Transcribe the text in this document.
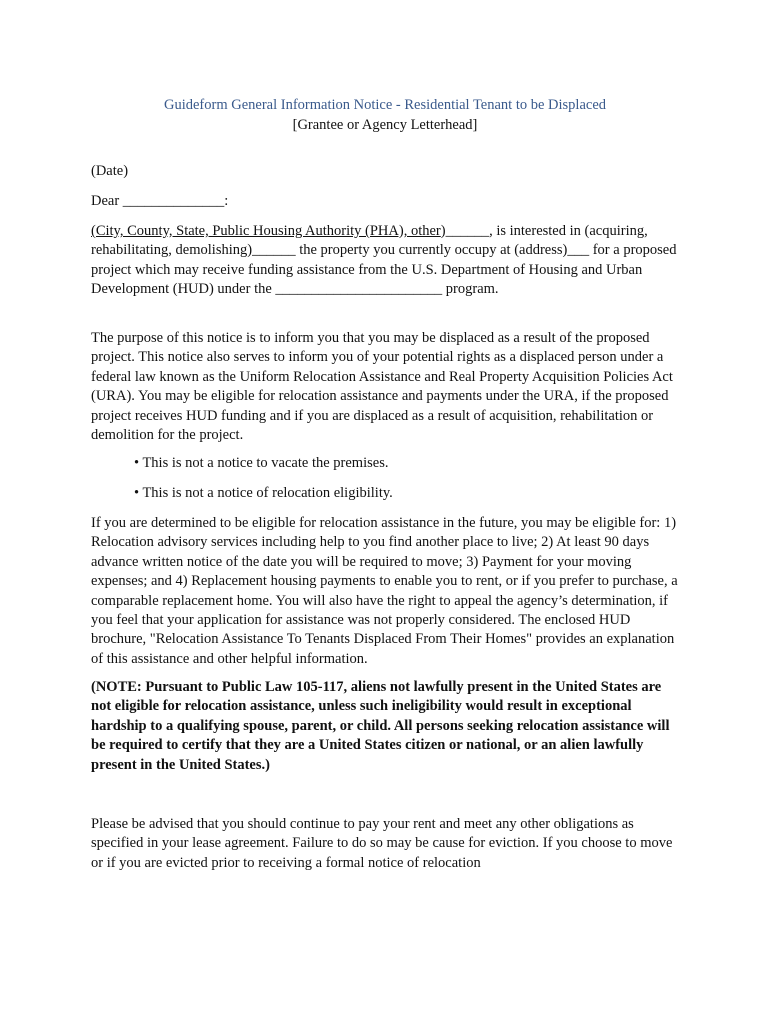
Guideform General Information Notice - Residential Tenant to be Displaced

[Grantee or Agency Letterhead]

(Date)

Dear ______________:

(City, County, State, Public Housing Authority (PHA), other)______, is interested in (acquiring, rehabilitating, demolishing)______ the property you currently occupy at (address)___ for a proposed project which may receive funding assistance from the U.S. Department of Housing and Urban Development (HUD) under the _______________________ program.

The purpose of this notice is to inform you that you may be displaced as a result of the proposed project. This notice also serves to inform you of your potential rights as a displaced person under a federal law known as the Uniform Relocation Assistance and Real Property Acquisition Policies Act (URA). You may be eligible for relocation assistance and payments under the URA, if the proposed project receives HUD funding and if you are displaced as a result of acquisition, rehabilitation or demolition for the project.

• This is not a notice to vacate the premises.

• This is not a notice of relocation eligibility.

If you are determined to be eligible for relocation assistance in the future, you may be eligible for: 1) Relocation advisory services including help to you find another place to live; 2) At least 90 days advance written notice of the date you will be required to move; 3) Payment for your moving expenses; and 4) Replacement housing payments to enable you to rent, or if you prefer to purchase, a comparable replacement home. You will also have the right to appeal the agency’s determination, if you feel that your application for assistance was not properly considered. The enclosed HUD brochure, "Relocation Assistance To Tenants Displaced From Their Homes" provides an explanation of this assistance and other helpful information.

(NOTE: Pursuant to Public Law 105-117, aliens not lawfully present in the United States are not eligible for relocation assistance, unless such ineligibility would result in exceptional hardship to a qualifying spouse, parent, or child. All persons seeking relocation assistance will be required to certify that they are a United States citizen or national, or an alien lawfully present in the United States.)

Please be advised that you should continue to pay your rent and meet any other obligations as specified in your lease agreement. Failure to do so may be cause for eviction. If you choose to move or if you are evicted prior to receiving a formal notice of relocation
